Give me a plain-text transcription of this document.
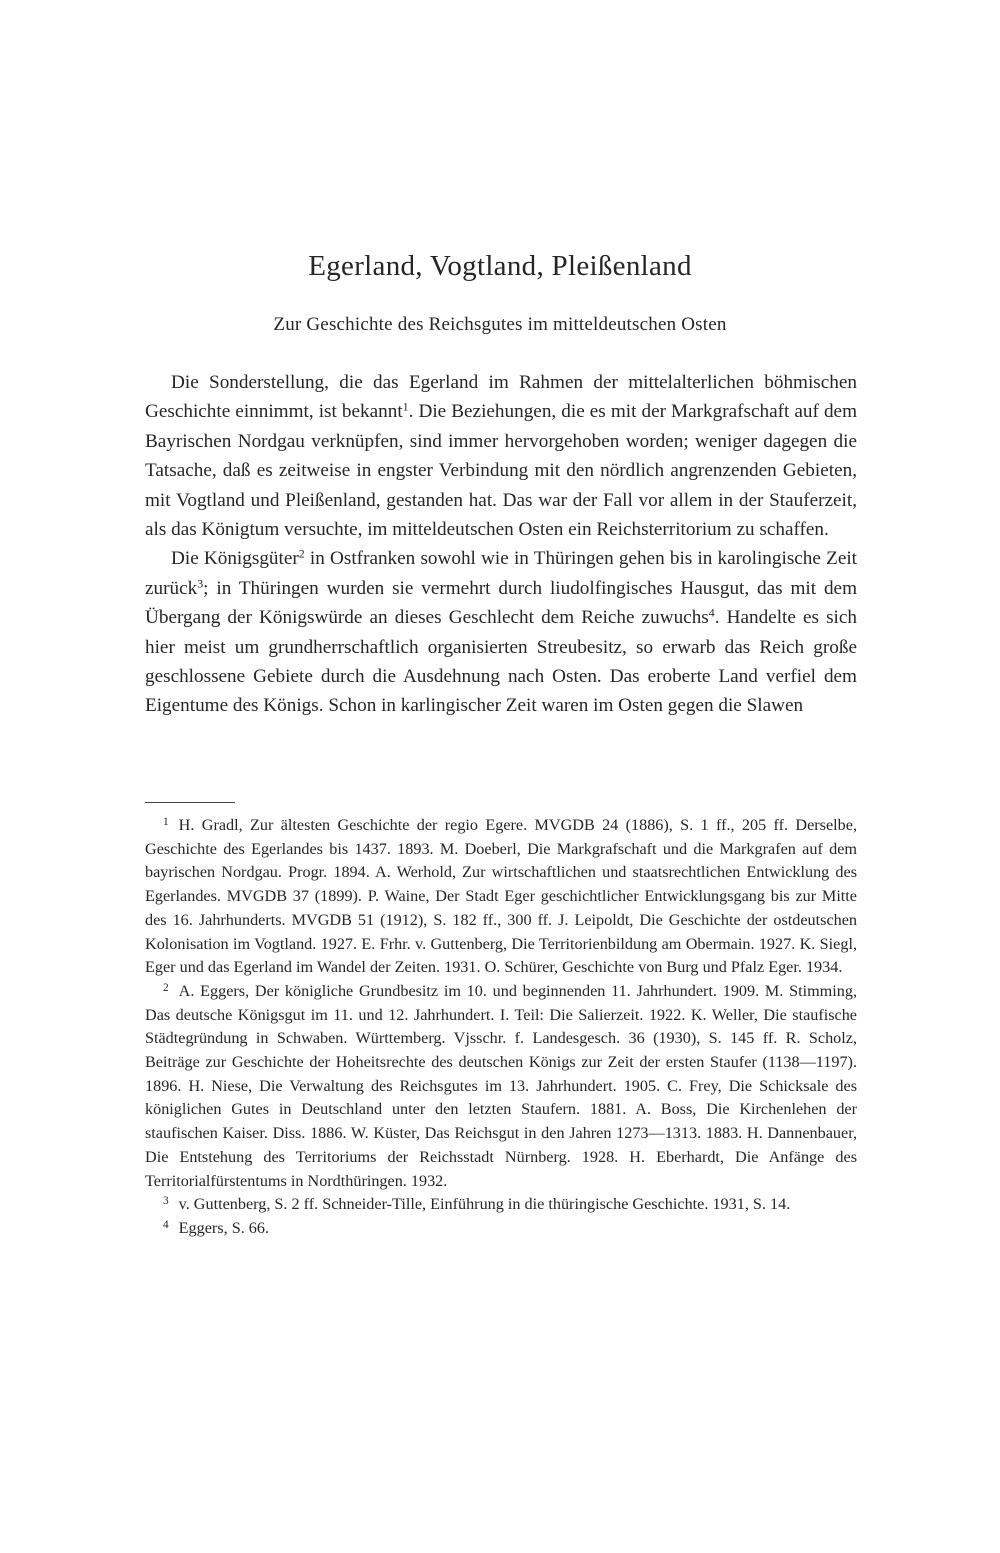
Egerland, Vogtland, Pleißenland
Zur Geschichte des Reichsgutes im mitteldeutschen Osten

Die Sonderstellung, die das Egerland im Rahmen der mittelalterlichen böhmischen Geschichte einnimmt, ist bekannt$^1$. Die Beziehungen, die es mit der Markgrafschaft auf dem Bayrischen Nordgau verknüpfen, sind immer hervorgehoben worden; weniger dagegen die Tatsache, daß es zeitweise in engster Verbindung mit den nördlich angrenzenden Gebieten, mit Vogtland und Pleißenland, gestanden hat. Das war der Fall vor allem in der Stauferzeit, als das Königtum versuchte, im mitteldeutschen Osten ein Reichsterritorium zu schaffen.

Die Königsgüter$^2$ in Ostfranken sowohl wie in Thüringen gehen bis in karolingische Zeit zurück$^3$; in Thüringen wurden sie vermehrt durch liudolfingisches Hausgut, das mit dem Übergang der Königswürde an dieses Geschlecht dem Reiche zuwuchs$^4$. Handelte es sich hier meist um grundherrschaftlich organisierten Streubesitz, so erwarb das Reich große geschlossene Gebiete durch die Ausdehnung nach Osten. Das eroberte Land verfiel dem Eigentume des Königs. Schon in karlingischer Zeit waren im Osten gegen die Slawen

$^1$ H. Gradl, Zur ältesten Geschichte der regio Egere. MVGDB 24 (1886), S. 1 ff., 205 ff. Derselbe, Geschichte des Egerlandes bis 1437. 1893. M. Doeberl, Die Markgrafschaft und die Markgrafen auf dem bayrischen Nordgau. Progr. 1894. A. Werhold, Zur wirtschaftlichen und staatsrechtlichen Entwicklung des Egerlandes. MVGDB 37 (1899). P. Waine, Der Stadt Eger geschichtlicher Entwicklungsgang bis zur Mitte des 16. Jahrhunderts. MVGDB 51 (1912), S. 182 ff., 300 ff. J. Leipoldt, Die Geschichte der ostdeutschen Kolonisation im Vogtland. 1927. E. Frhr. v. Guttenberg, Die Territorienbildung am Obermain. 1927. K. Siegl, Eger und das Egerland im Wandel der Zeiten. 1931. O. Schürer, Geschichte von Burg und Pfalz Eger. 1934.

$^2$ A. Eggers, Der königliche Grundbesitz im 10. und beginnenden 11. Jahrhundert. 1909. M. Stimming, Das deutsche Königsgut im 11. und 12. Jahrhundert. I. Teil: Die Salierzeit. 1922. K. Weller, Die staufische Städtegründung in Schwaben. Württemberg. Vjsschr. f. Landesgesch. 36 (1930), S. 145 ff. R. Scholz, Beiträge zur Geschichte der Hoheitsrechte des deutschen Königs zur Zeit der ersten Staufer (1138—1197). 1896. H. Niese, Die Verwaltung des Reichsgutes im 13. Jahrhundert. 1905. C. Frey, Die Schicksale des königlichen Gutes in Deutschland unter den letzten Staufern. 1881. A. Boss, Die Kirchenlehen der staufischen Kaiser. Diss. 1886. W. Küster, Das Reichsgut in den Jahren 1273—1313. 1883. H. Dannenbauer, Die Entstehung des Territoriums der Reichsstadt Nürnberg. 1928. H. Eberhardt, Die Anfänge des Territorialfürstentums in Nordthüringen. 1932.

$^3$ v. Guttenberg, S. 2 ff. Schneider-Tille, Einführung in die thüringische Geschichte. 1931, S. 14.

$^4$ Eggers, S. 66.
